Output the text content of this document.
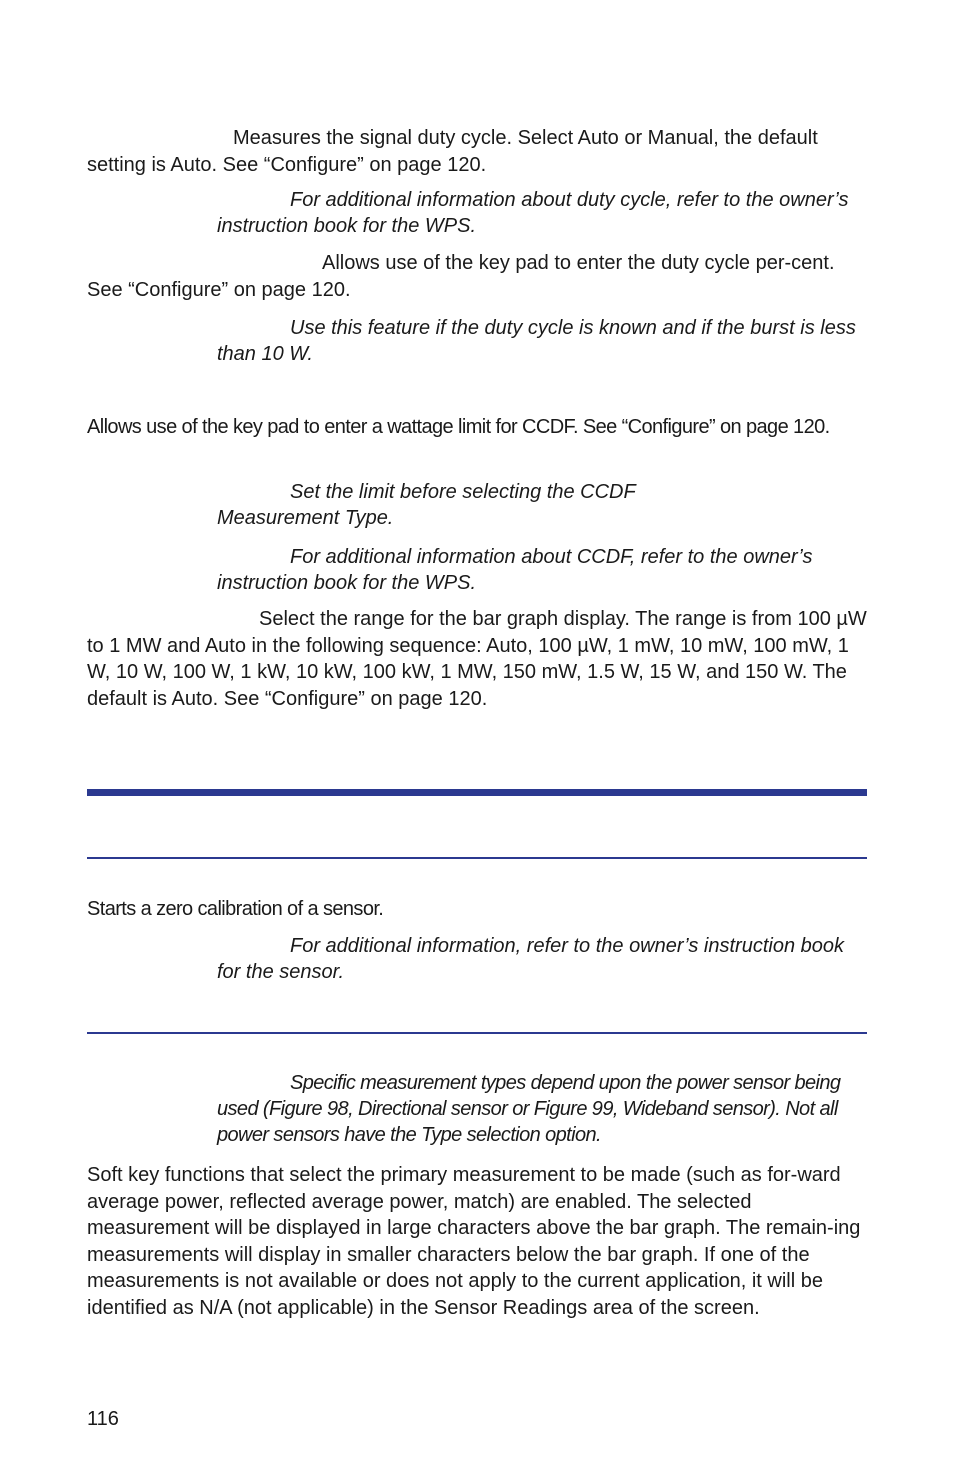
Measures the signal duty cycle. Select Auto or Manual, the default setting is Auto. See “Configure” on page 120.

For additional information about duty cycle, refer to the owner’s instruction book for the WPS.

Allows use of the key pad to enter the duty cycle per-cent. See “Configure” on page 120.

Use this feature if the duty cycle is known and if the burst is less than 10 W.

Allows use of the key pad to enter a wattage limit for CCDF. See “Configure” on page 120.

Set the limit before selecting the CCDF Measurement Type.

For additional information about CCDF, refer to the owner’s instruction book for the WPS.

Select the range for the bar graph display. The range is from 100 µW to 1 MW and Auto in the following sequence: Auto, 100 µW, 1 mW, 10 mW, 100 mW, 1 W, 10 W, 100 W, 1 kW, 10 kW, 100 kW, 1 MW, 150 mW, 1.5 W, 15 W, and 150 W. The default is Auto. See “Configure” on page 120.

Starts a zero calibration of a sensor.

For additional information, refer to the owner’s instruction book for the sensor.

Specific measurement types depend upon the power sensor being used (Figure 98, Directional sensor or Figure 99, Wideband sensor). Not all power sensors have the Type selection option.

Soft key functions that select the primary measurement to be made (such as for-ward average power, reflected average power, match) are enabled. The selected measurement will be displayed in large characters above the bar graph. The remain-ing measurements will display in smaller characters below the bar graph. If one of the measurements is not available or does not apply to the current application, it will be identified as N/A (not applicable) in the Sensor Readings area of the screen.

116
